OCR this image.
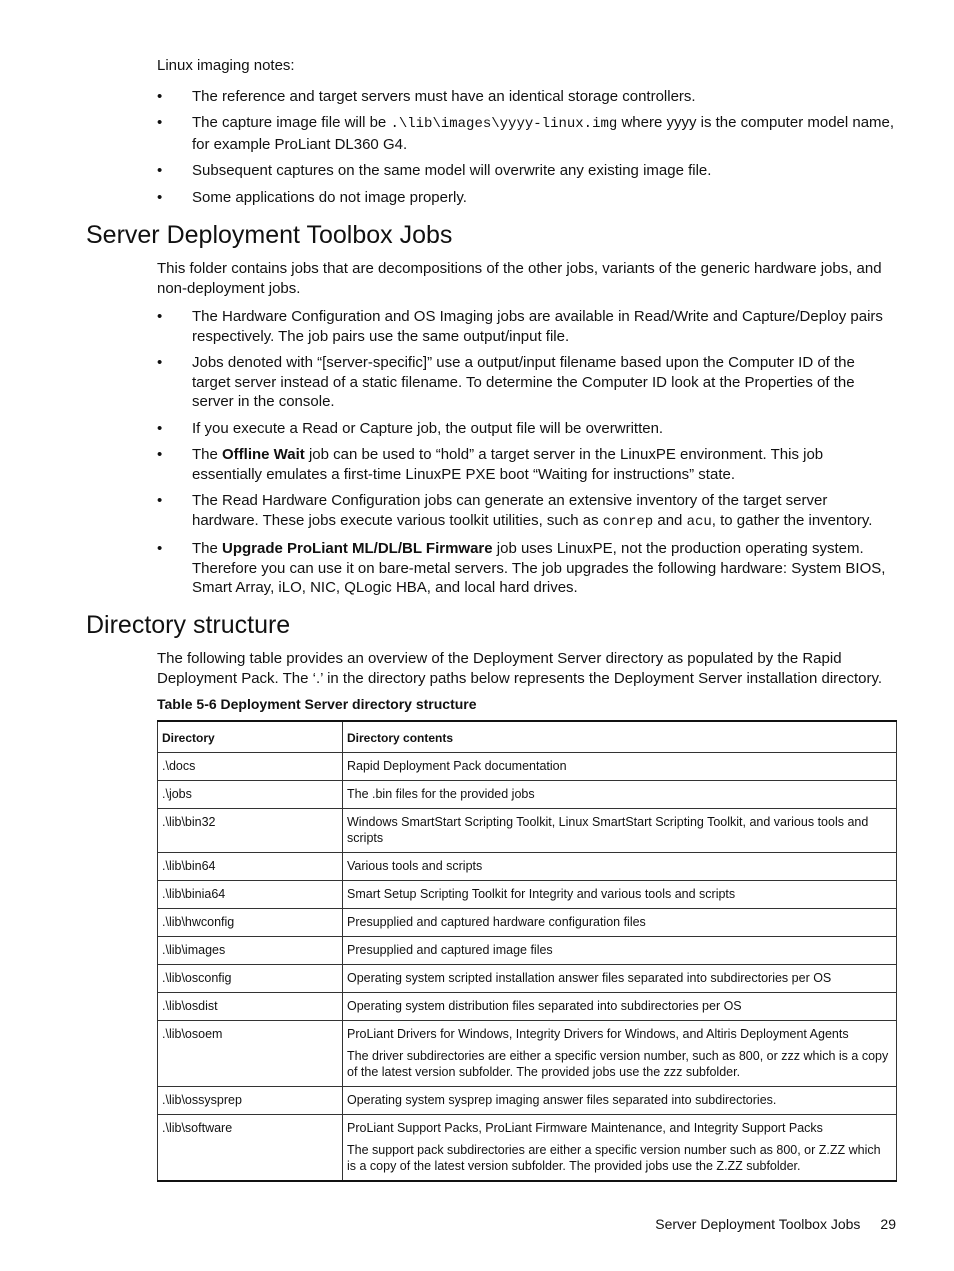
Linux imaging notes:

• The reference and target servers must have an identical storage controllers.
• The capture image file will be .\lib\images\yyyy-linux.img where yyyy is the computer model name, for example ProLiant DL360 G4.
• Subsequent captures on the same model will overwrite any existing image file.
• Some applications do not image properly.
Server Deployment Toolbox Jobs

This folder contains jobs that are decompositions of the other jobs, variants of the generic hardware jobs, and non-deployment jobs.

• The Hardware Configuration and OS Imaging jobs are available in Read/Write and Capture/Deploy pairs respectively. The job pairs use the same output/input file.
• Jobs denoted with “[server-specific]” use a output/input filename based upon the Computer ID of the target server instead of a static filename. To determine the Computer ID look at the Properties of the server in the console.
• If you execute a Read or Capture job, the output file will be overwritten.
• The Offline Wait job can be used to “hold” a target server in the LinuxPE environment. This job essentially emulates a first-time LinuxPE PXE boot “Waiting for instructions” state.
• The Read Hardware Configuration jobs can generate an extensive inventory of the target server hardware. These jobs execute various toolkit utilities, such as conrep and acu, to gather the inventory.
• The Upgrade ProLiant ML/DL/BL Firmware job uses LinuxPE, not the production operating system. Therefore you can use it on bare-metal servers. The job upgrades the following hardware: System BIOS, Smart Array, iLO, NIC, QLogic HBA, and local hard drives.
Directory structure

The following table provides an overview of the Deployment Server directory as populated by the Rapid Deployment Pack. The ‘.’ in the directory paths below represents the Deployment Server installation directory.

Table 5-6 Deployment Server directory structure
Directory	Directory contents
.\docs	Rapid Deployment Pack documentation
.\jobs	The .bin files for the provided jobs
.\lib\bin32	Windows SmartStart Scripting Toolkit, Linux SmartStart Scripting Toolkit, and various tools and scripts
.\lib\bin64	Various tools and scripts
.\lib\binia64	Smart Setup Scripting Toolkit for Integrity and various tools and scripts
.\lib\hwconfig	Presupplied and captured hardware configuration files
.\lib\images	Presupplied and captured image files
.\lib\osconfig	Operating system scripted installation answer files separated into subdirectories per OS
.\lib\osdist	Operating system distribution files separated into subdirectories per OS
.\lib\osoem	ProLiant Drivers for Windows, Integrity Drivers for Windows, and Altiris Deployment Agents
The driver subdirectories are either a specific version number, such as 800, or zzz which is a copy of the latest version subfolder. The provided jobs use the zzz subfolder.

.\lib\ossysprep	Operating system sysprep imaging answer files separated into subdirectories.
.\lib\software	ProLiant Support Packs, ProLiant Firmware Maintenance, and Integrity Support Packs
The support pack subdirectories are either a specific version number such as 800, or Z.ZZ which is a copy of the latest version subfolder. The provided jobs use the Z.ZZ subfolder.
Server Deployment Toolbox Jobs 29
